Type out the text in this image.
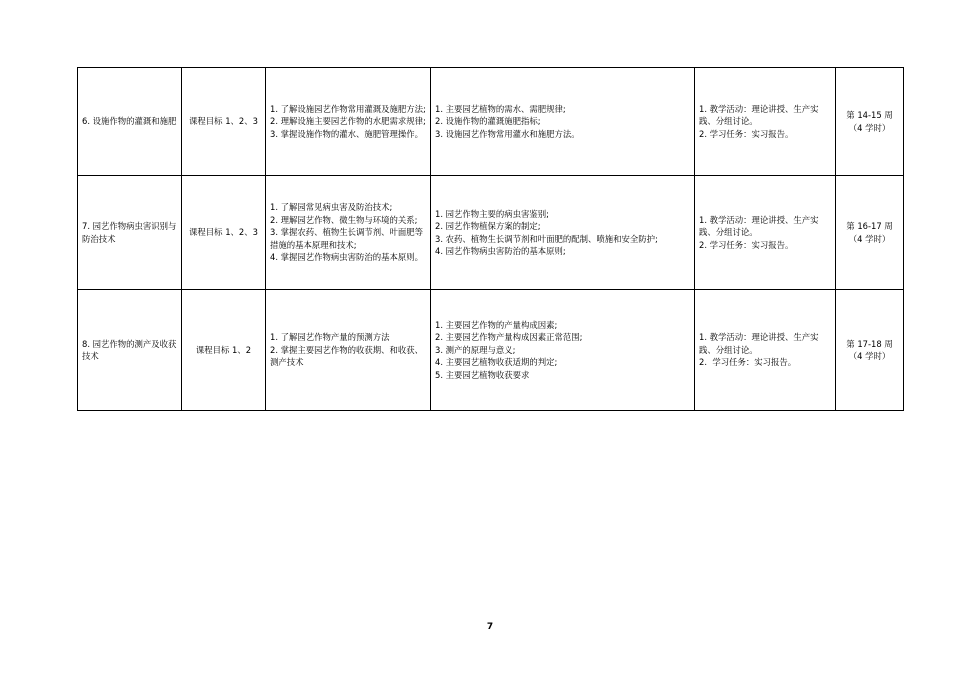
6. 设施作物的灌溉和施肥	课程目标 1、2、3	1. 了解设施园艺作物常用灌溉及施肥方法;
2. 理解设施主要园艺作物的水肥需求规律;
3. 掌握设施作物的灌水、施肥管理操作。	1. 主要园艺植物的需水、需肥规律;
2. 设施作物的灌溉施肥指标;
3. 设施园艺作物常用灌水和施肥方法。	1. 教学活动：理论讲授、生产实践、分组讨论。
2. 学习任务：实习报告。	第 14-15 周
（4 学时）

7. 园艺作物病虫害识别与防治技术	课程目标 1、2、3	1. 了解园常见病虫害及防治技术;
2. 理解园艺作物、微生物与环境的关系;
3. 掌握农药、植物生长调节剂、叶面肥等措施的基本原理和技术;
4. 掌握园艺作物病虫害防治的基本原则。	1. 园艺作物主要的病虫害鉴别;
2. 园艺作物植保方案的制定;
3. 农药、植物生长调节剂和叶面肥的配制、喷施和安全防护;
4. 园艺作物病虫害防治的基本原则;	1. 教学活动：理论讲授、生产实践、分组讨论。
2. 学习任务：实习报告。	第 16-17 周
（4 学时）

8. 园艺作物的测产及收获技术	课程目标 1、2	1. 了解园艺作物产量的预测方法
2. 掌握主要园艺作物的收获期、和收获、测产技术	1. 主要园艺作物的产量构成因素;
2. 主要园艺作物产量构成因素正常范围;
3. 测产的原理与意义;
4. 主要园艺植物收获适期的判定;
5. 主要园艺植物收获要求	1. 教学活动：理论讲授、生产实践、分组讨论。
2.  学习任务：实习报告。	第 17-18 周
（4 学时）
7
